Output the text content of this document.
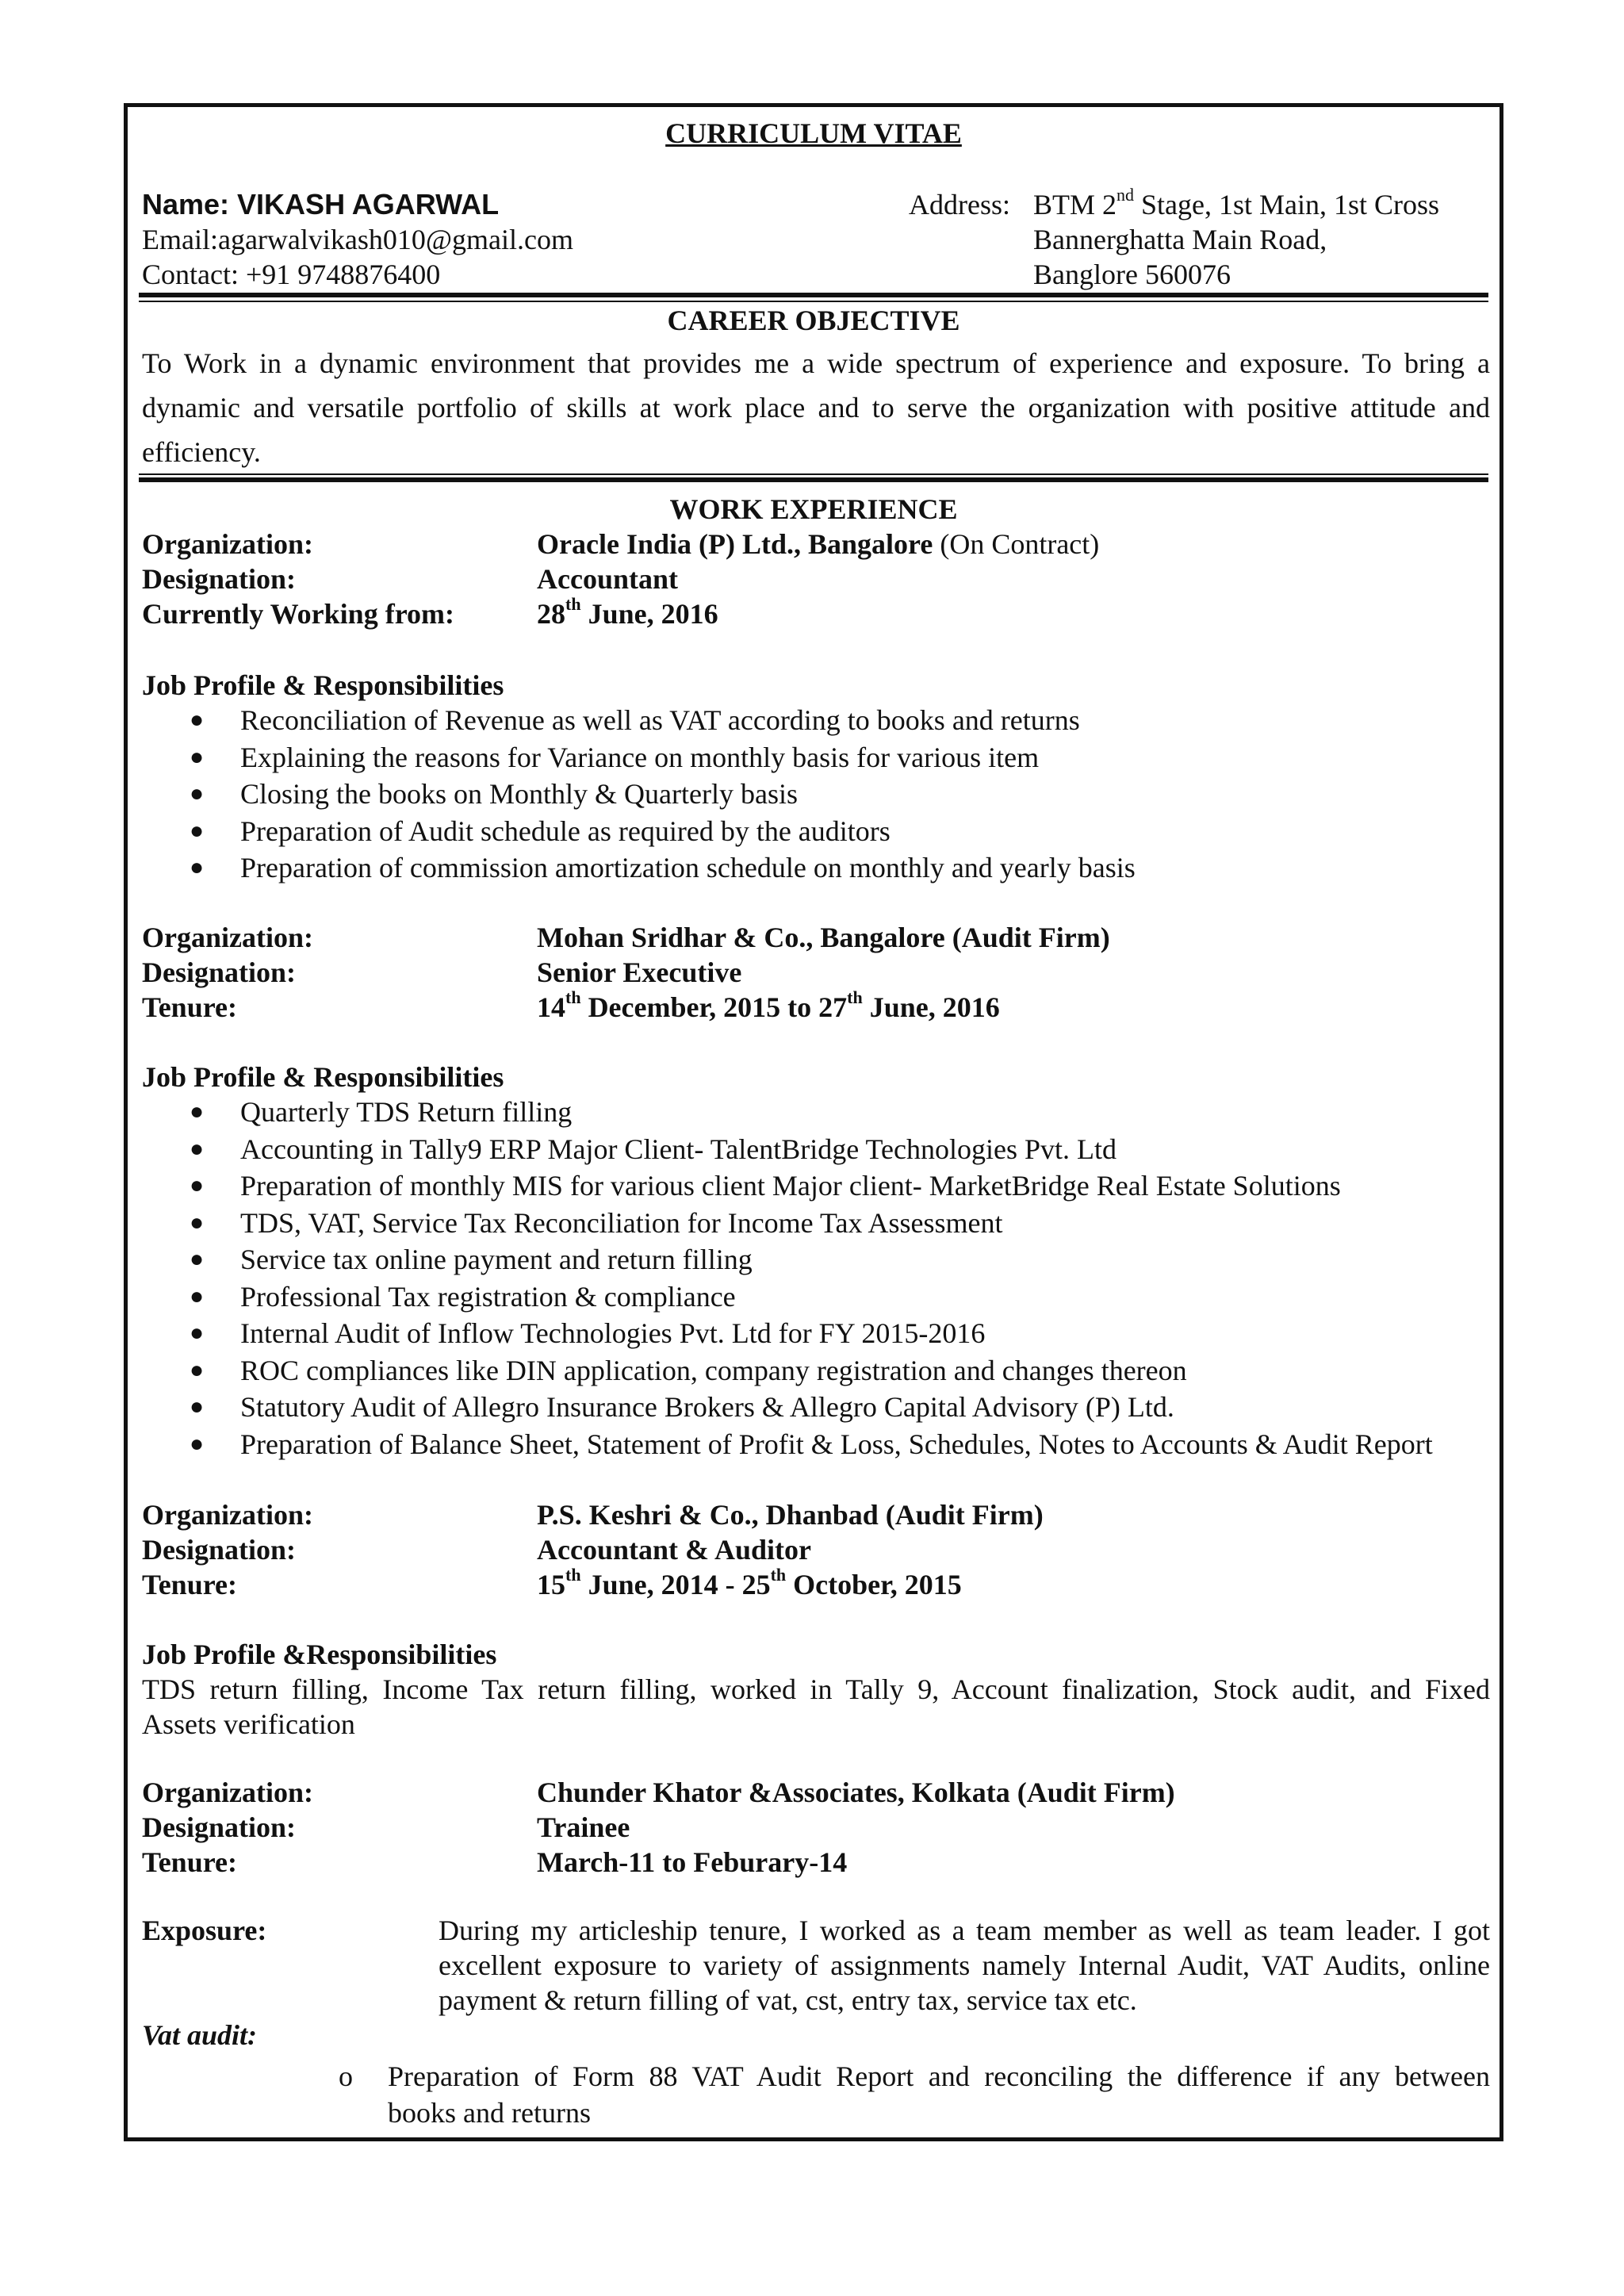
CURRICULUM VITAE
Name: VIKASH AGARWAL
Email:agarwalvikash010@gmail.com
Contact: +91 9748876400
Address: BTM 2nd Stage, 1st Main, 1st Cross
Bannerghatta Main Road,
Banglore 560076
CAREER OBJECTIVE
To Work in a dynamic environment that provides me a wide spectrum of experience and exposure. To bring a
dynamic and versatile portfolio of skills at work place and to serve the organization with positive attitude and
efficiency.
WORK EXPERIENCE
Organization:	Oracle India (P) Ltd., Bangalore (On Contract)
Designation:	Accountant
Currently Working from:	28th June, 2016
Job Profile & Responsibilities
● Reconciliation of Revenue as well as VAT according to books and returns
● Explaining the reasons for Variance on monthly basis for various item
● Closing the books on Monthly & Quarterly basis
● Preparation of Audit schedule as required by the auditors
● Preparation of commission amortization schedule on monthly and yearly basis
Organization:	Mohan Sridhar & Co., Bangalore (Audit Firm)
Designation:	Senior Executive
Tenure:	14th December, 2015 to 27th June, 2016
Job Profile & Responsibilities
● Quarterly TDS Return filling
● Accounting in Tally9 ERP Major Client- TalentBridge Technologies Pvt. Ltd
● Preparation of monthly MIS for various client Major client- MarketBridge Real Estate Solutions
● TDS, VAT, Service Tax Reconciliation for Income Tax Assessment
● Service tax online payment and return filling
● Professional Tax registration & compliance
● Internal Audit of Inflow Technologies Pvt. Ltd for FY 2015-2016
● ROC compliances like DIN application, company registration and changes thereon
● Statutory Audit of Allegro Insurance Brokers & Allegro Capital Advisory (P) Ltd.
● Preparation of Balance Sheet, Statement of Profit & Loss, Schedules, Notes to Accounts & Audit Report
Organization:	P.S. Keshri & Co., Dhanbad (Audit Firm)
Designation:	Accountant & Auditor
Tenure:	15th June, 2014 - 25th October, 2015
Job Profile &Responsibilities
TDS return filling, Income Tax return filling, worked in Tally 9, Account finalization, Stock audit, and Fixed
Assets verification
Organization:	Chunder Khator &Associates, Kolkata (Audit Firm)
Designation:	Trainee
Tenure:	March-11 to Feburary-14
Exposure:	During my articleship tenure, I worked as a team member as well as team leader. I got
excellent exposure to variety of assignments namely Internal Audit, VAT Audits, online
payment & return filling of vat, cst, entry tax, service tax etc.
Vat audit:
o Preparation of Form 88 VAT Audit Report and reconciling the difference if any between
books and returns
